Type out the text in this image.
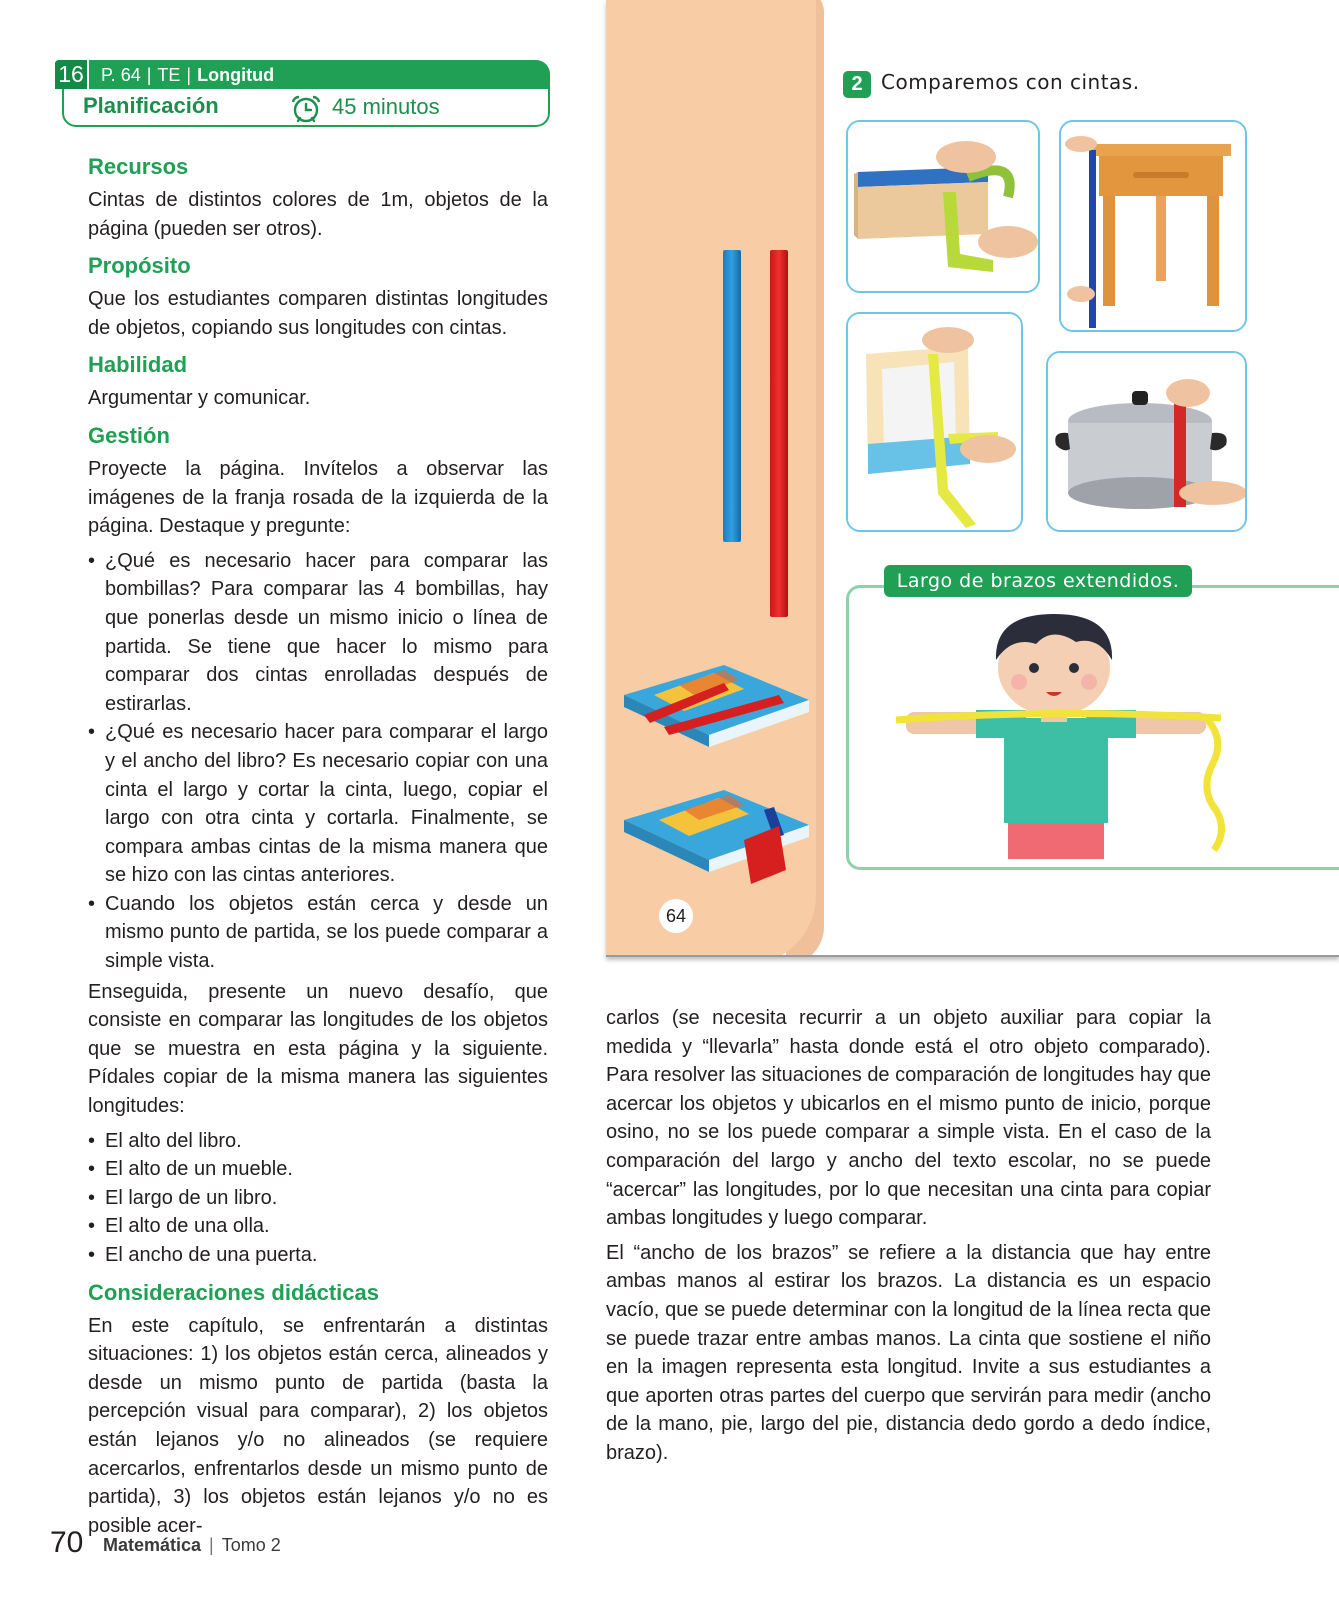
16 P. 64 | TE | Longitud
Planificación	45 minutos
Recursos

Cintas de distintos colores de 1m, objetos de la página (pueden ser otros).

Propósito

Que los estudiantes comparen distintas longitudes de objetos, copiando sus longitudes con cintas.

Habilidad

Argumentar y comunicar.

Gestión

Proyecte la página. Invítelos a observar las imágenes de la franja rosada de la izquierda de la página. Destaque y pregunte:

• ¿Qué es necesario hacer para comparar las bombillas? Para comparar las 4 bombillas, hay que ponerlas desde un mismo inicio o línea de partida. Se tiene que hacer lo mismo para comparar dos cintas enrolladas después de estirarlas.
• ¿Qué es necesario hacer para comparar el largo y el ancho del libro? Es necesario copiar con una cinta el largo y cortar la cinta, luego, copiar el largo con otra cinta y cortarla. Finalmente, se compara ambas cintas de la misma manera que se hizo con las cintas anteriores.
• Cuando los objetos están cerca y desde un mismo punto de partida, se los puede comparar a simple vista.

Enseguida, presente un nuevo desafío, que consiste en comparar las longitudes de los objetos que se muestra en esta página y la siguiente. Pídales copiar de la misma manera las siguientes longitudes:

• El alto del libro.
• El alto de un mueble.
• El largo de un libro.
• El alto de una olla.
• El ancho de una puerta.
Consideraciones didácticas

En este capítulo, se enfrentarán a distintas situaciones: 1) los objetos están cerca, alineados y desde un mismo punto de partida (basta la percepción visual para comparar), 2) los objetos están lejanos y/o no alineados (se requiere acercarlos, enfrentarlos desde un mismo punto de partida), 3) los objetos están lejanos y/o no es posible acer-

64
2 Comparemos con cintas.
Largo de brazos extendidos.

carlos (se necesita recurrir a un objeto auxiliar para copiar la medida y “llevarla” hasta donde está el otro objeto comparado). Para resolver las situaciones de comparación de longitudes hay que acercar los objetos y ubicarlos en el mismo punto de inicio, porque osino, no se los puede comparar a simple vista. En el caso de la comparación del largo y ancho del texto escolar, no se puede “acercar” las longitudes, por lo que necesitan una cinta para copiar ambas longitudes y luego comparar.

El “ancho de los brazos” se refiere a la distancia que hay entre ambas manos al estirar los brazos. La distancia es un espacio vacío, que se puede determinar con la longitud de la línea recta que se puede trazar entre ambas manos. La cinta que sostiene el niño en la imagen representa esta longitud. Invite a sus estudiantes a que aporten otras partes del cuerpo que servirán para medir (ancho de la mano, pie, largo del pie, distancia dedo gordo a dedo índice, brazo).

70 Matemática | Tomo 2
